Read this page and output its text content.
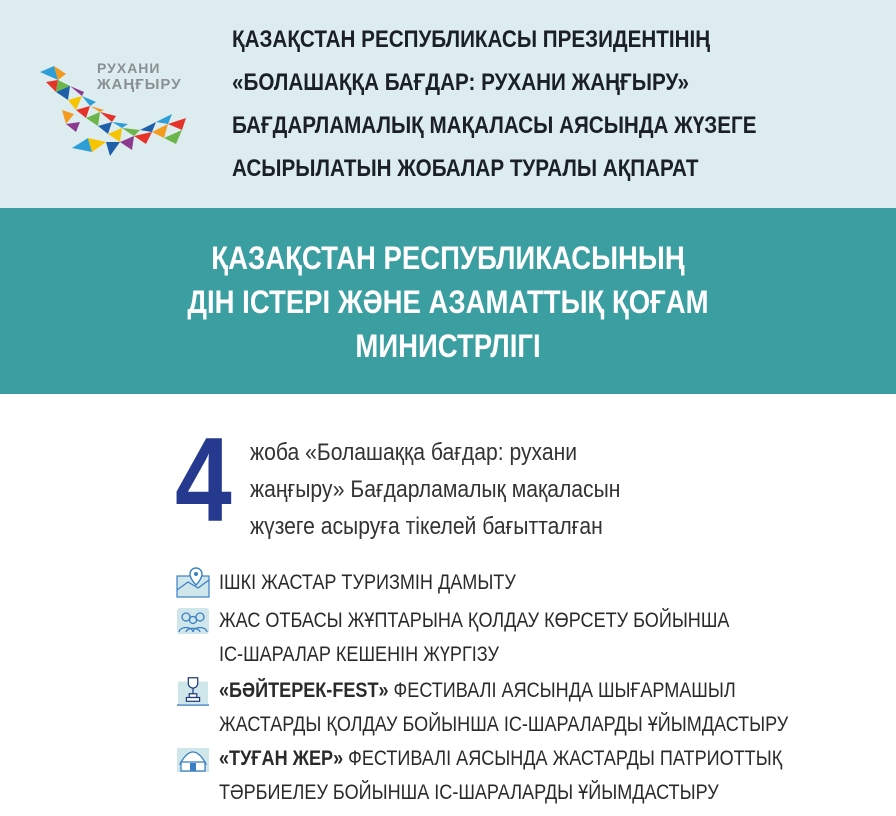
РУХАНИ
ЖАҢҒЫРУ
ҚАЗАҚСТАН РЕСПУБЛИКАСЫ ПРЕЗИДЕНТІНІҢ
«БОЛАШАҚҚА БАҒДАР: РУХАНИ ЖАҢҒЫРУ»
БАҒДАРЛАМАЛЫҚ МАҚАЛАСЫ АЯСЫНДА ЖҮЗЕГЕ
АСЫРЫЛАТЫН ЖОБАЛАР ТУРАЛЫ АҚПАРАТ
ҚАЗАҚСТАН РЕСПУБЛИКАСЫНЫҢ
ДІН ІСТЕРІ ЖӘНЕ АЗАМАТТЫҚ ҚОҒАМ
МИНИСТРЛІГІ
4 жоба «Болашаққа бағдар: рухани
жаңғыру» Бағдарламалық мақаласын
жүзеге асыруға тікелей бағытталған
ІШКІ ЖАСТАР ТУРИЗМІН ДАМЫТУ
ЖАС ОТБАСЫ ЖҰПТАРЫНА ҚОЛДАУ КӨРСЕТУ БОЙЫНША
ІС-ШАРАЛАР КЕШЕНІН ЖҮРГІЗУ
«БӘЙТЕРЕК-FEST» ФЕСТИВАЛІ АЯСЫНДА ШЫҒАРМАШЫЛ
ЖАСТАРДЫ ҚОЛДАУ БОЙЫНША ІС-ШАРАЛАРДЫ ҰЙЫМДАСТЫРУ
«ТУҒАН ЖЕР» ФЕСТИВАЛІ АЯСЫНДА ЖАСТАРДЫ ПАТРИОТТЫҚ
ТӘРБИЕЛЕУ БОЙЫНША ІС-ШАРАЛАРДЫ ҰЙЫМДАСТЫРУ
